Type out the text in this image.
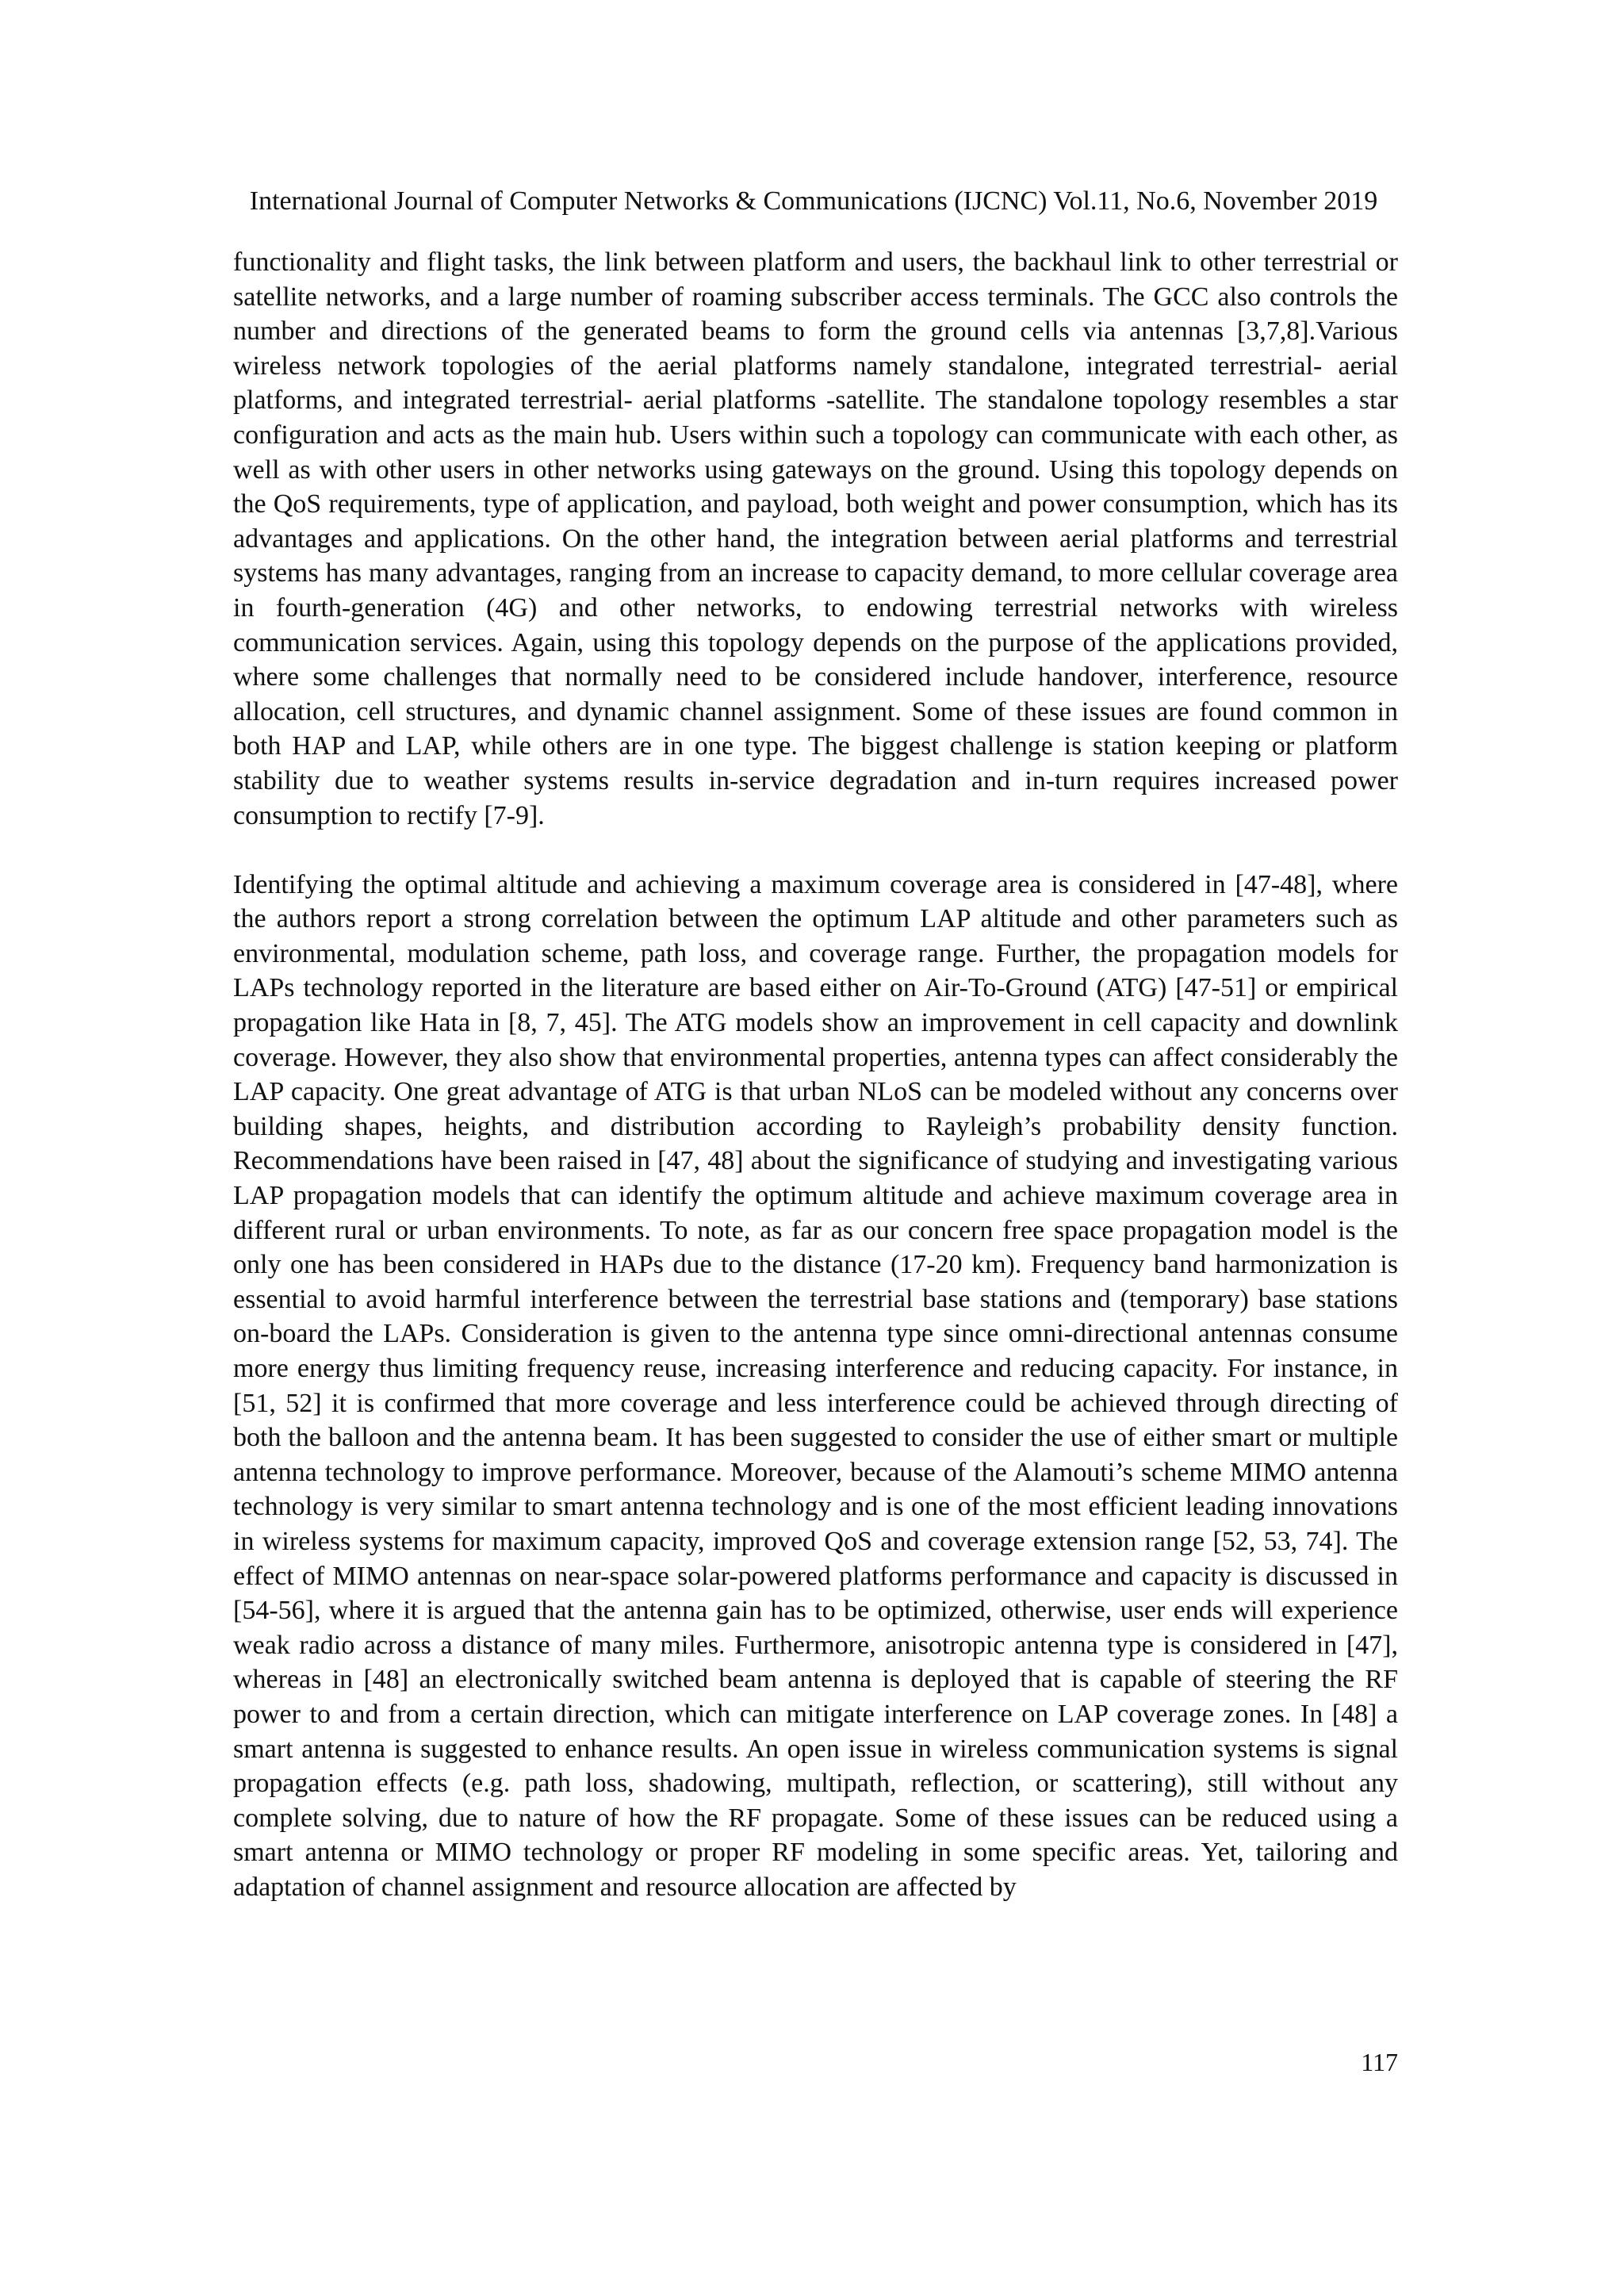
International Journal of Computer Networks & Communications (IJCNC) Vol.11, No.6, November 2019

functionality and flight tasks, the link between platform and users, the backhaul link to other terrestrial or satellite networks, and a large number of roaming subscriber access terminals. The GCC also controls the number and directions of the generated beams to form the ground cells via antennas [3,7,8].Various wireless network topologies of the aerial platforms namely standalone, integrated terrestrial- aerial platforms, and integrated terrestrial- aerial platforms -satellite. The standalone topology resembles a star configuration and acts as the main hub. Users within such a topology can communicate with each other, as well as with other users in other networks using gateways on the ground. Using this topology depends on the QoS requirements, type of application, and payload, both weight and power consumption, which has its advantages and applications. On the other hand, the integration between aerial platforms and terrestrial systems has many advantages, ranging from an increase to capacity demand, to more cellular coverage area in fourth-generation (4G) and other networks, to endowing terrestrial networks with wireless communication services. Again, using this topology depends on the purpose of the applications provided, where some challenges that normally need to be considered include handover, interference, resource allocation, cell structures, and dynamic channel assignment. Some of these issues are found common in both HAP and LAP, while others are in one type. The biggest challenge is station keeping or platform stability due to weather systems results in-service degradation and in-turn requires increased power consumption to rectify [7-9].

Identifying the optimal altitude and achieving a maximum coverage area is considered in [47-48], where the authors report a strong correlation between the optimum LAP altitude and other parameters such as environmental, modulation scheme, path loss, and coverage range. Further, the propagation models for LAPs technology reported in the literature are based either on Air-To-Ground (ATG) [47-51] or empirical propagation like Hata in [8, 7, 45]. The ATG models show an improvement in cell capacity and downlink coverage. However, they also show that environmental properties, antenna types can affect considerably the LAP capacity. One great advantage of ATG is that urban NLoS can be modeled without any concerns over building shapes, heights, and distribution according to Rayleigh’s probability density function. Recommendations have been raised in [47, 48] about the significance of studying and investigating various LAP propagation models that can identify the optimum altitude and achieve maximum coverage area in different rural or urban environments. To note, as far as our concern free space propagation model is the only one has been considered in HAPs due to the distance (17-20 km). Frequency band harmonization is essential to avoid harmful interference between the terrestrial base stations and (temporary) base stations on-board the LAPs. Consideration is given to the antenna type since omni-directional antennas consume more energy thus limiting frequency reuse, increasing interference and reducing capacity. For instance, in [51, 52] it is confirmed that more coverage and less interference could be achieved through directing of both the balloon and the antenna beam. It has been suggested to consider the use of either smart or multiple antenna technology to improve performance. Moreover, because of the Alamouti’s scheme MIMO antenna technology is very similar to smart antenna technology and is one of the most efficient leading innovations in wireless systems for maximum capacity, improved QoS and coverage extension range [52, 53, 74]. The effect of MIMO antennas on near-space solar-powered platforms performance and capacity is discussed in [54-56], where it is argued that the antenna gain has to be optimized, otherwise, user ends will experience weak radio across a distance of many miles. Furthermore, anisotropic antenna type is considered in [47], whereas in [48] an electronically switched beam antenna is deployed that is capable of steering the RF power to and from a certain direction, which can mitigate interference on LAP coverage zones. In [48] a smart antenna is suggested to enhance results. An open issue in wireless communication systems is signal propagation effects (e.g. path loss, shadowing, multipath, reflection, or scattering), still without any complete solving, due to nature of how the RF propagate. Some of these issues can be reduced using a smart antenna or MIMO technology or proper RF modeling in some specific areas. Yet, tailoring and adaptation of channel assignment and resource allocation are affected by

117
